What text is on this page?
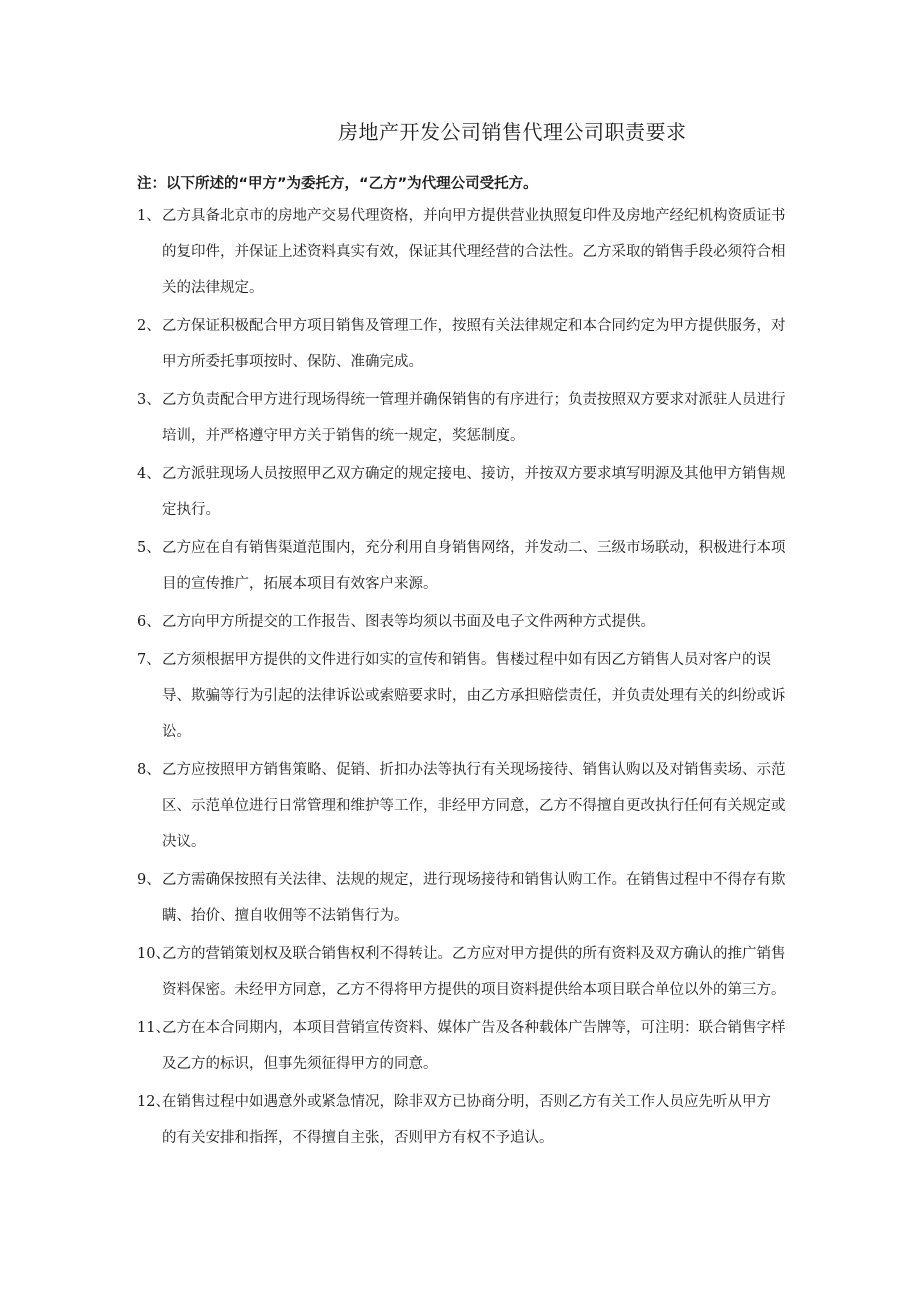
房地产开发公司销售代理公司职责要求
注：以下所述的“甲方”为委托方，“乙方”为代理公司受托方。
1、 乙方具备北京市的房地产交易代理资格，并向甲方提供营业执照复印件及房地产经纪机构资质证书的复印件，并保证上述资料真实有效，保证其代理经营的合法性。乙方采取的销售手段必须符合相关的法律规定。
2、 乙方保证积极配合甲方项目销售及管理工作，按照有关法律规定和本合同约定为甲方提供服务，对甲方所委托事项按时、保防、准确完成。
3、 乙方负责配合甲方进行现场得统一管理并确保销售的有序进行；负责按照双方要求对派驻人员进行培训，并严格遵守甲方关于销售的统一规定，奖惩制度。
4、 乙方派驻现场人员按照甲乙双方确定的规定接电、接访，并按双方要求填写明源及其他甲方销售规定执行。
5、 乙方应在自有销售渠道范围内，充分利用自身销售网络，并发动二、三级市场联动，积极进行本项目的宣传推广，拓展本项目有效客户来源。
6、 乙方向甲方所提交的工作报告、图表等均须以书面及电子文件两种方式提供。
7、 乙方须根据甲方提供的文件进行如实的宣传和销售。售楼过程中如有因乙方销售人员对客户的误导、欺骗等行为引起的法律诉讼或索赔要求时，由乙方承担赔偿责任，并负责处理有关的纠纷或诉讼。
8、 乙方应按照甲方销售策略、促销、折扣办法等执行有关现场接待、销售认购以及对销售卖场、示范区、示范单位进行日常管理和维护等工作，非经甲方同意，乙方不得擅自更改执行任何有关规定或决议。
9、 乙方需确保按照有关法律、法规的规定，进行现场接待和销售认购工作。在销售过程中不得存有欺瞒、抬价、擅自收佣等不法销售行为。
10、
乙方的营销策划权及联合销售权利不得转让。乙方应对甲方提供的所有资料及双方确认的推广销售资料保密。未经甲方同意，乙方不得将甲方提供的项目资料提供给本项目联合单位以外的第三方。
11、
乙方在本合同期内，本项目营销宣传资料、媒体广告及各种载体广告牌等，可注明：联合销售字样及乙方的标识，但事先须征得甲方的同意。
12、
在销售过程中如遇意外或紧急情况，除非双方已协商分明，否则乙方有关工作人员应先听从甲方的有关安排和指挥，不得擅自主张，否则甲方有权不予追认。
